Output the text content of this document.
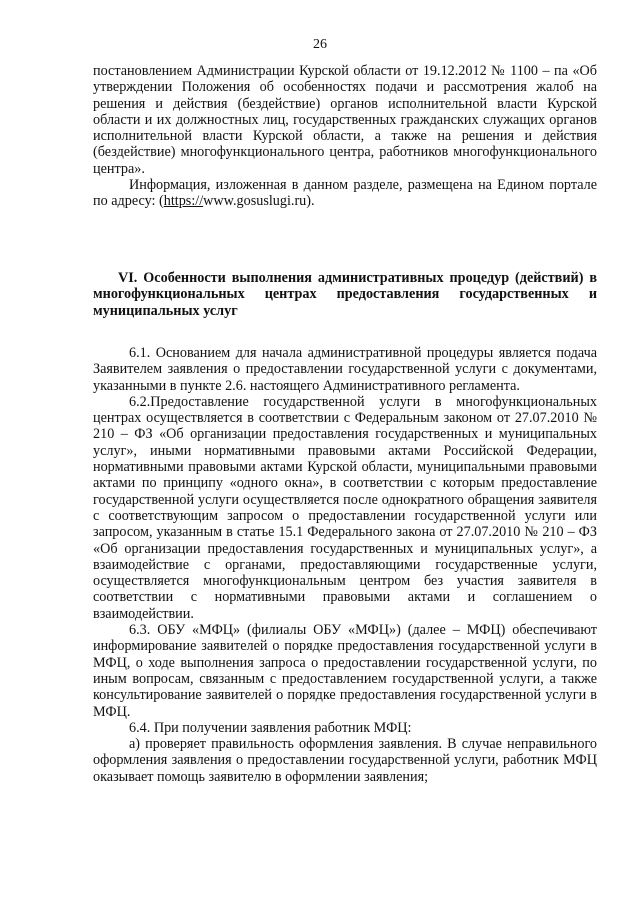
26

постановлением Администрации Курской области от 19.12.2012 № 1100 – па «Об утверждении Положения об особенностях подачи и рассмотрения жалоб на решения и действия (бездействие) органов исполнительной власти Курской области и их должностных лиц, государственных гражданских служащих органов исполнительной власти Курской области, а также на решения и действия (бездействие) многофункционального центра, работников многофункционального центра».

Информация, изложенная в данном разделе, размещена на Едином портале по адресу: (https://www.gosuslugi.ru).

VI. Особенности выполнения административных процедур (действий) в многофункциональных центрах предоставления государственных и муниципальных услуг

6.1. Основанием для начала административной процедуры является подача Заявителем заявления о предоставлении государственной услуги с документами, указанными в пункте 2.6. настоящего Административного регламента.

6.2.Предоставление государственной услуги в многофункциональных центрах осуществляется в соответствии с Федеральным законом от 27.07.2010 № 210 – ФЗ «Об организации предоставления государственных и муниципальных услуг», иными нормативными правовыми актами Российской Федерации, нормативными правовыми актами Курской области, муниципальными правовыми актами по принципу «одного окна», в соответствии с которым предоставление государственной услуги осуществляется после однократного обращения заявителя с соответствующим запросом о предоставлении государственной услуги или запросом, указанным в статье 15.1 Федерального закона от 27.07.2010 № 210 – ФЗ «Об организации предоставления государственных и муниципальных услуг», а взаимодействие с органами, предоставляющими государственные услуги, осуществляется многофункциональным центром без участия заявителя в соответствии с нормативными правовыми актами и соглашением о взаимодействии.

6.3. ОБУ «МФЦ» (филиалы ОБУ «МФЦ») (далее – МФЦ) обеспечивают информирование заявителей о порядке предоставления государственной услуги в МФЦ, о ходе выполнения запроса о предоставлении государственной услуги, по иным вопросам, связанным с предоставлением государственной услуги, а также консультирование заявителей о порядке предоставления государственной услуги в МФЦ.

6.4. При получении заявления работник МФЦ:

а) проверяет правильность оформления заявления. В случае неправильного оформления заявления о предоставлении государственной услуги, работник МФЦ оказывает помощь заявителю в оформлении заявления;
